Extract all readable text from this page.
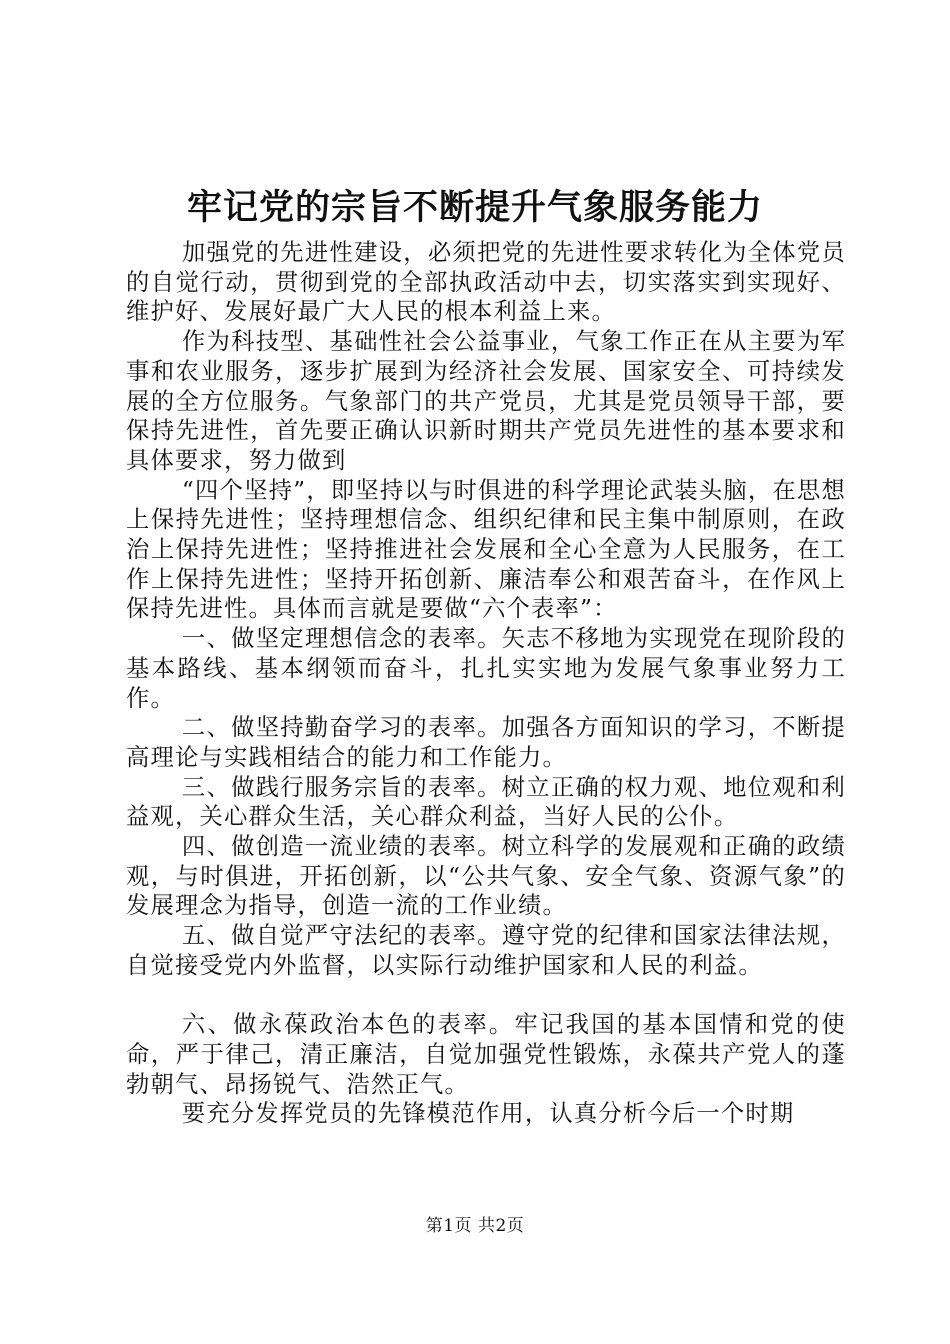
牢记党的宗旨不断提升气象服务能力

加强党的先进性建设，必须把党的先进性要求转化为全体党员的自觉行动，贯彻到党的全部执政活动中去，切实落实到实现好、维护好、发展好最广大人民的根本利益上来。

作为科技型、基础性社会公益事业，气象工作正在从主要为军事和农业服务，逐步扩展到为经济社会发展、国家安全、可持续发展的全方位服务。气象部门的共产党员，尤其是党员领导干部，要保持先进性，首先要正确认识新时期共产党员先进性的基本要求和具体要求，努力做到

“四个坚持”，即坚持以与时俱进的科学理论武装头脑，在思想上保持先进性；坚持理想信念、组织纪律和民主集中制原则，在政治上保持先进性；坚持推进社会发展和全心全意为人民服务，在工作上保持先进性；坚持开拓创新、廉洁奉公和艰苦奋斗，在作风上保持先进性。具体而言就是要做“六个表率”：

一、做坚定理想信念的表率。矢志不移地为实现党在现阶段的基本路线、基本纲领而奋斗，扎扎实实地为发展气象事业努力工作。

二、做坚持勤奋学习的表率。加强各方面知识的学习，不断提高理论与实践相结合的能力和工作能力。

三、做践行服务宗旨的表率。树立正确的权力观、地位观和利益观，关心群众生活，关心群众利益，当好人民的公仆。

四、做创造一流业绩的表率。树立科学的发展观和正确的政绩观，与时俱进，开拓创新，以“公共气象、安全气象、资源气象”的发展理念为指导，创造一流的工作业绩。

五、做自觉严守法纪的表率。遵守党的纪律和国家法律法规，自觉接受党内外监督，以实际行动维护国家和人民的利益。

六、做永葆政治本色的表率。牢记我国的基本国情和党的使命，严于律己，清正廉洁，自觉加强党性锻炼，永葆共产党人的蓬勃朝气、昂扬锐气、浩然正气。

要充分发挥党员的先锋模范作用，认真分析今后一个时期

第1页 共2页
